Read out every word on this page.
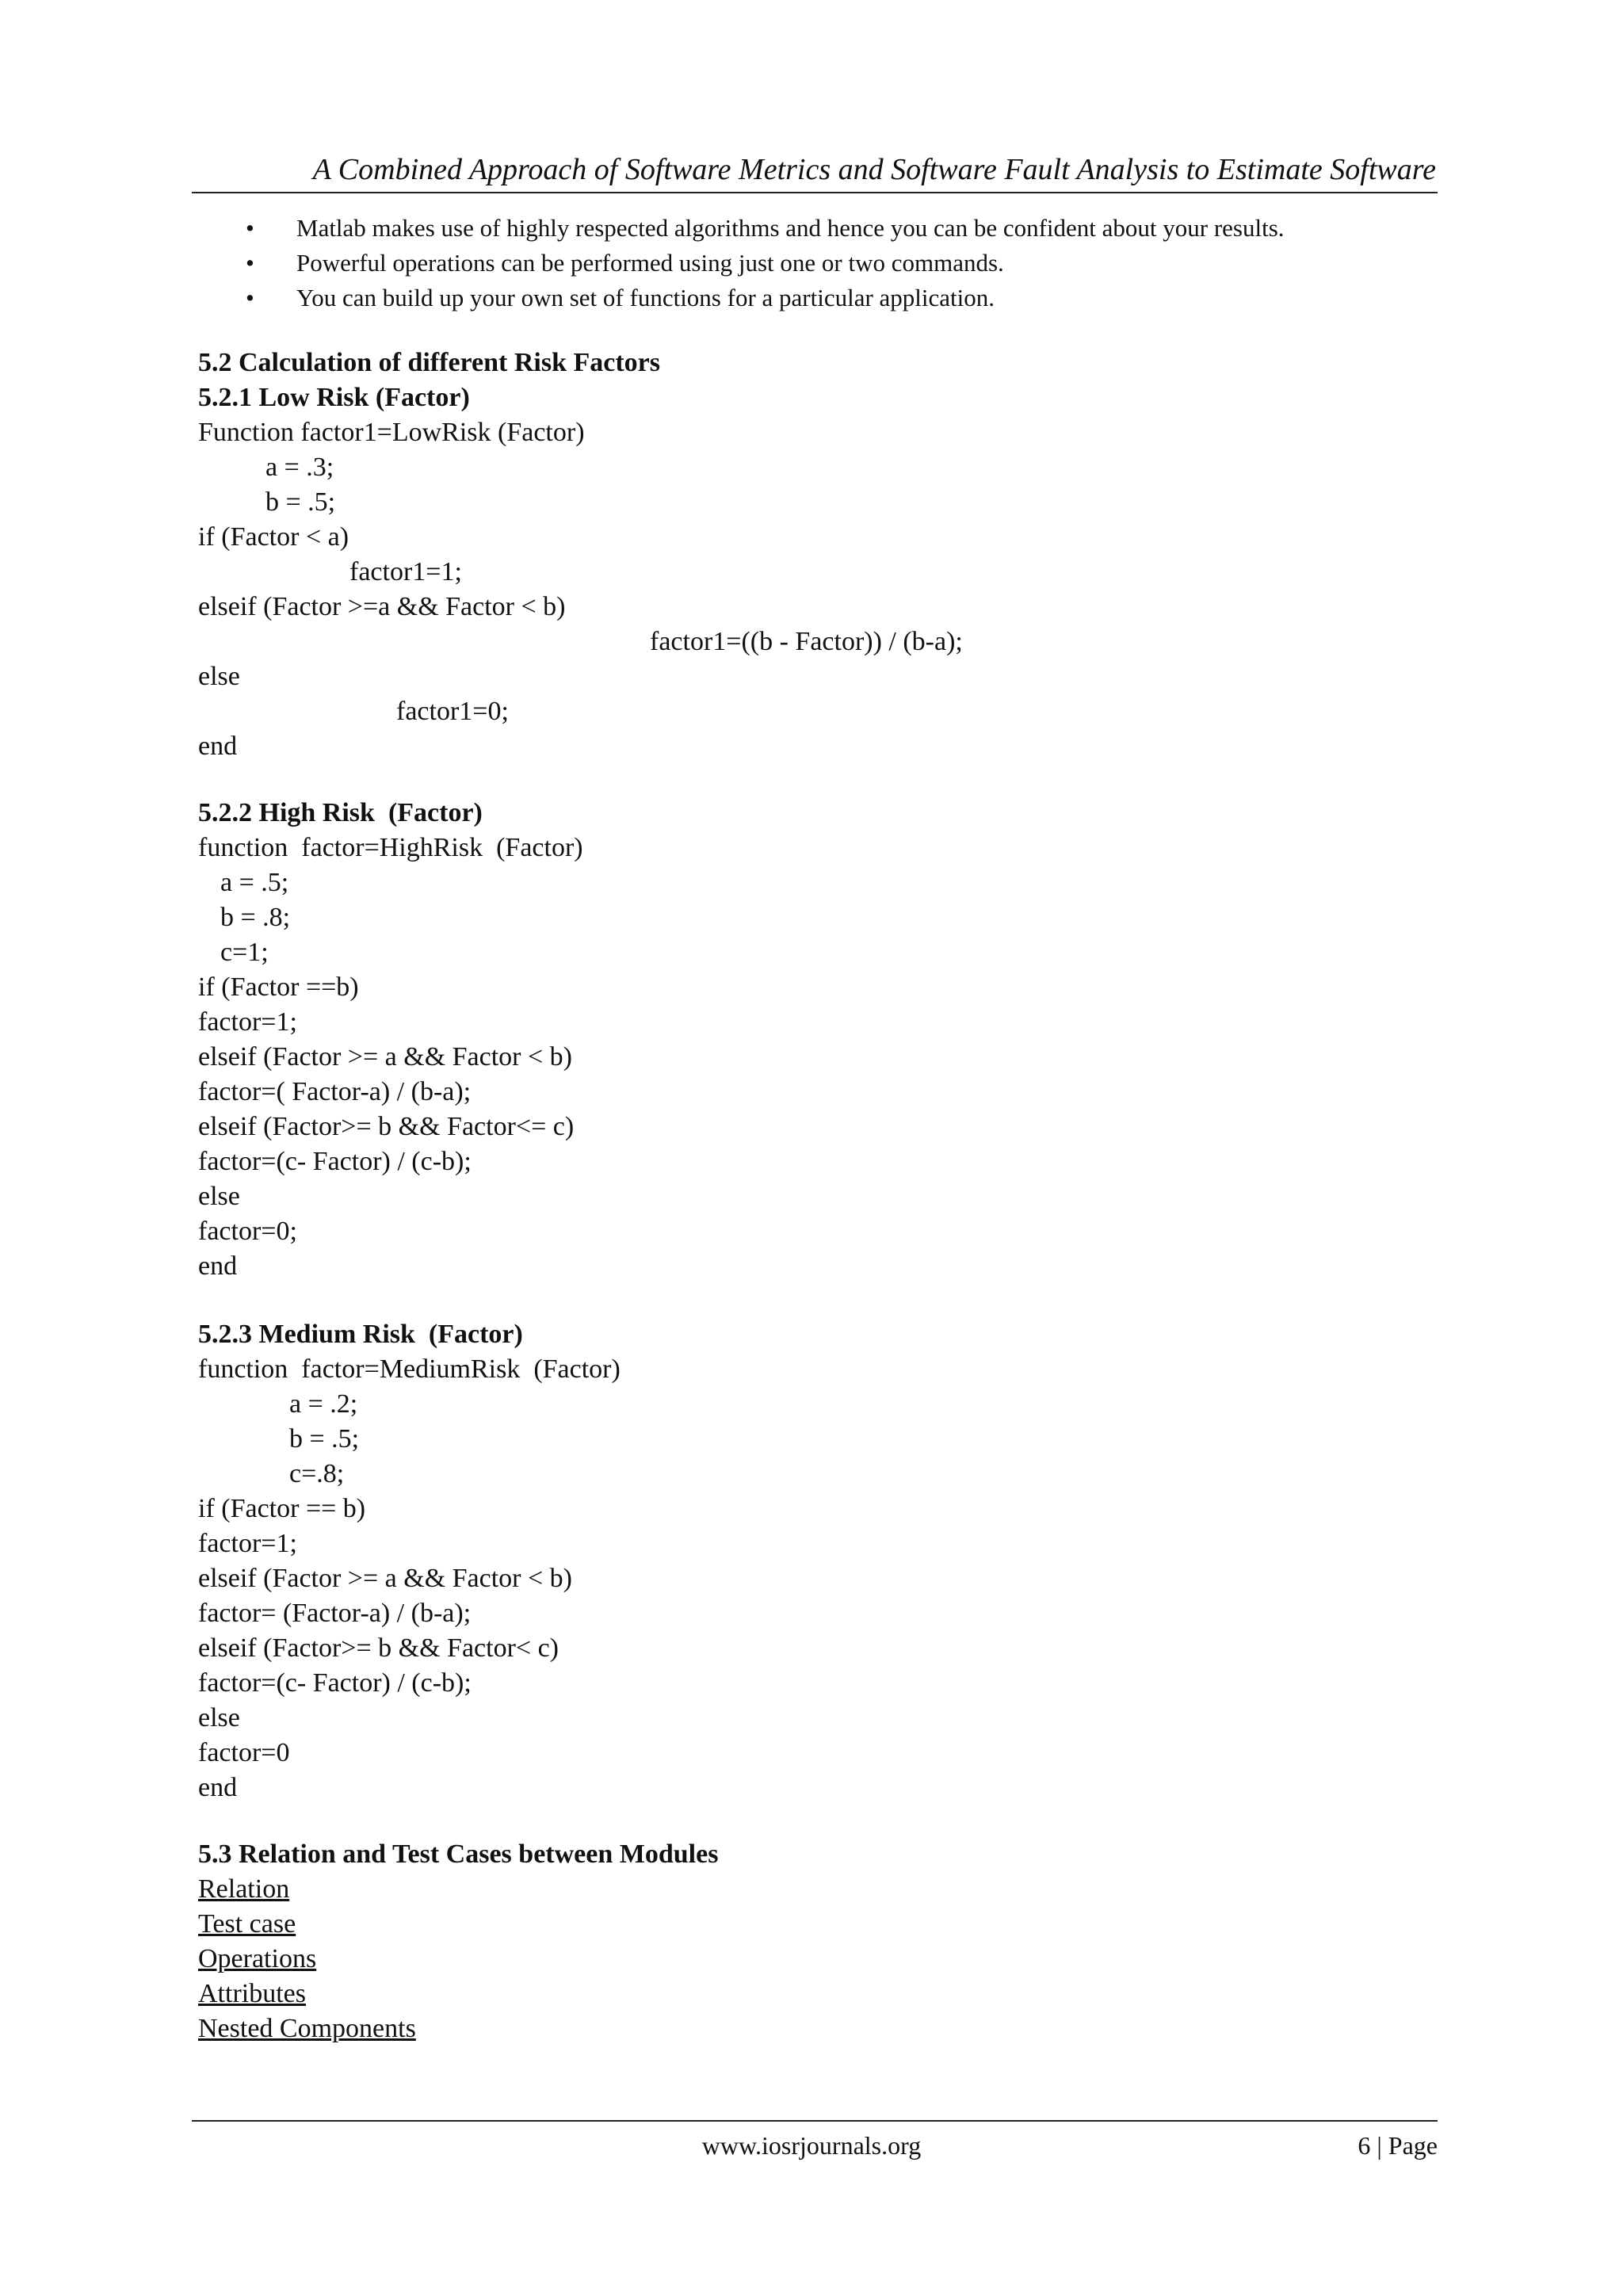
A Combined Approach of Software Metrics and Software Fault Analysis to Estimate Software
• Matlab makes use of highly respected algorithms and hence you can be confident about your results.
• Powerful operations can be performed using just one or two commands.
• You can build up your own set of functions for a particular application.
5.2 Calculation of different Risk Factors
5.2.1 Low Risk (Factor)
Function factor1=LowRisk (Factor)
a = .3;
b = .5;
if (Factor < a)
factor1=1;
elseif (Factor >=a && Factor < b)
factor1=((b - Factor)) / (b-a);
else
factor1=0;
end
5.2.2 High Risk  (Factor)
function  factor=HighRisk  (Factor)
a = .5;
b = .8;
c=1;
if (Factor ==b)
factor=1;
elseif (Factor >= a && Factor < b)
factor=( Factor-a) / (b-a);
elseif (Factor>= b && Factor<= c)
factor=(c- Factor) / (c-b);
else
factor=0;
end
5.2.3 Medium Risk  (Factor)
function  factor=MediumRisk  (Factor)
a = .2;
b = .5;
c=.8;
if (Factor == b)
factor=1;
elseif (Factor >= a && Factor < b)
factor= (Factor-a) / (b-a);
elseif (Factor>= b && Factor< c)
factor=(c- Factor) / (c-b);
else
factor=0
end
5.3 Relation and Test Cases between Modules
Relation
Test case
Operations
Attributes
Nested Components
www.iosrjournals.org	6 | Page
